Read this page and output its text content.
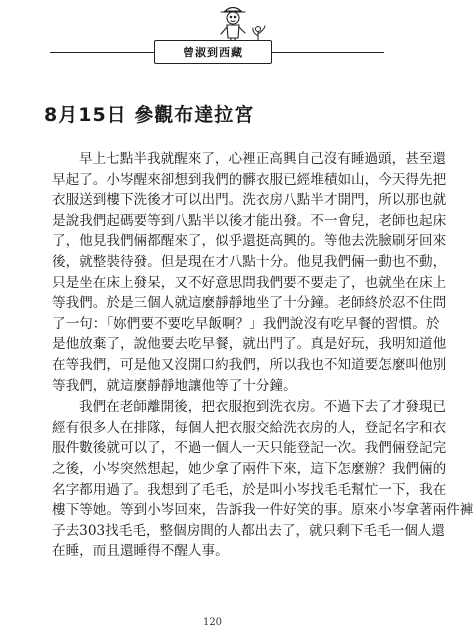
曾淑到西藏
8月15日 參觀布達拉宮
早上七點半我就醒來了，心裡正高興自己沒有睡過頭，甚至還
早起了。小岑醒來卻想到我們的髒衣服已經堆積如山，今天得先把
衣服送到樓下洗後才可以出門。洗衣房八點半才開門，所以那也就
是說我們起碼要等到八點半以後才能出發。不一會兒，老師也起床
了，他見我們倆都醒來了，似乎還挺高興的。等他去洗臉刷牙回來
後，就整裝待發。但是現在才八點十分。他見我們倆一動也不動，
只是坐在床上發呆，又不好意思問我們要不要走了，也就坐在床上
等我們。於是三個人就這麼靜靜地坐了十分鐘。老師終於忍不住問
了一句：「妳們要不要吃早飯啊？」我們說沒有吃早餐的習慣。於
是他放棄了，說他要去吃早餐，就出門了。真是好玩，我明知道他
在等我們，可是他又沒開口約我們，所以我也不知道要怎麼叫他別
等我們，就這麼靜靜地讓他等了十分鐘。
我們在老師離開後，把衣服抱到洗衣房。不過下去了才發現已
經有很多人在排隊，每個人把衣服交給洗衣房的人，登記名字和衣
服件數後就可以了，不過一個人一天只能登記一次。我們倆登記完
之後，小岑突然想起，她少拿了兩件下來，這下怎麼辦？我們倆的
名字都用過了。我想到了毛毛，於是叫小岑找毛毛幫忙一下，我在
樓下等她。等到小岑回來，告訴我一件好笑的事。原來小岑拿著兩件褲
子去303找毛毛，整個房間的人都出去了，就只剩下毛毛一個人還
在睡，而且還睡得不醒人事。
120
